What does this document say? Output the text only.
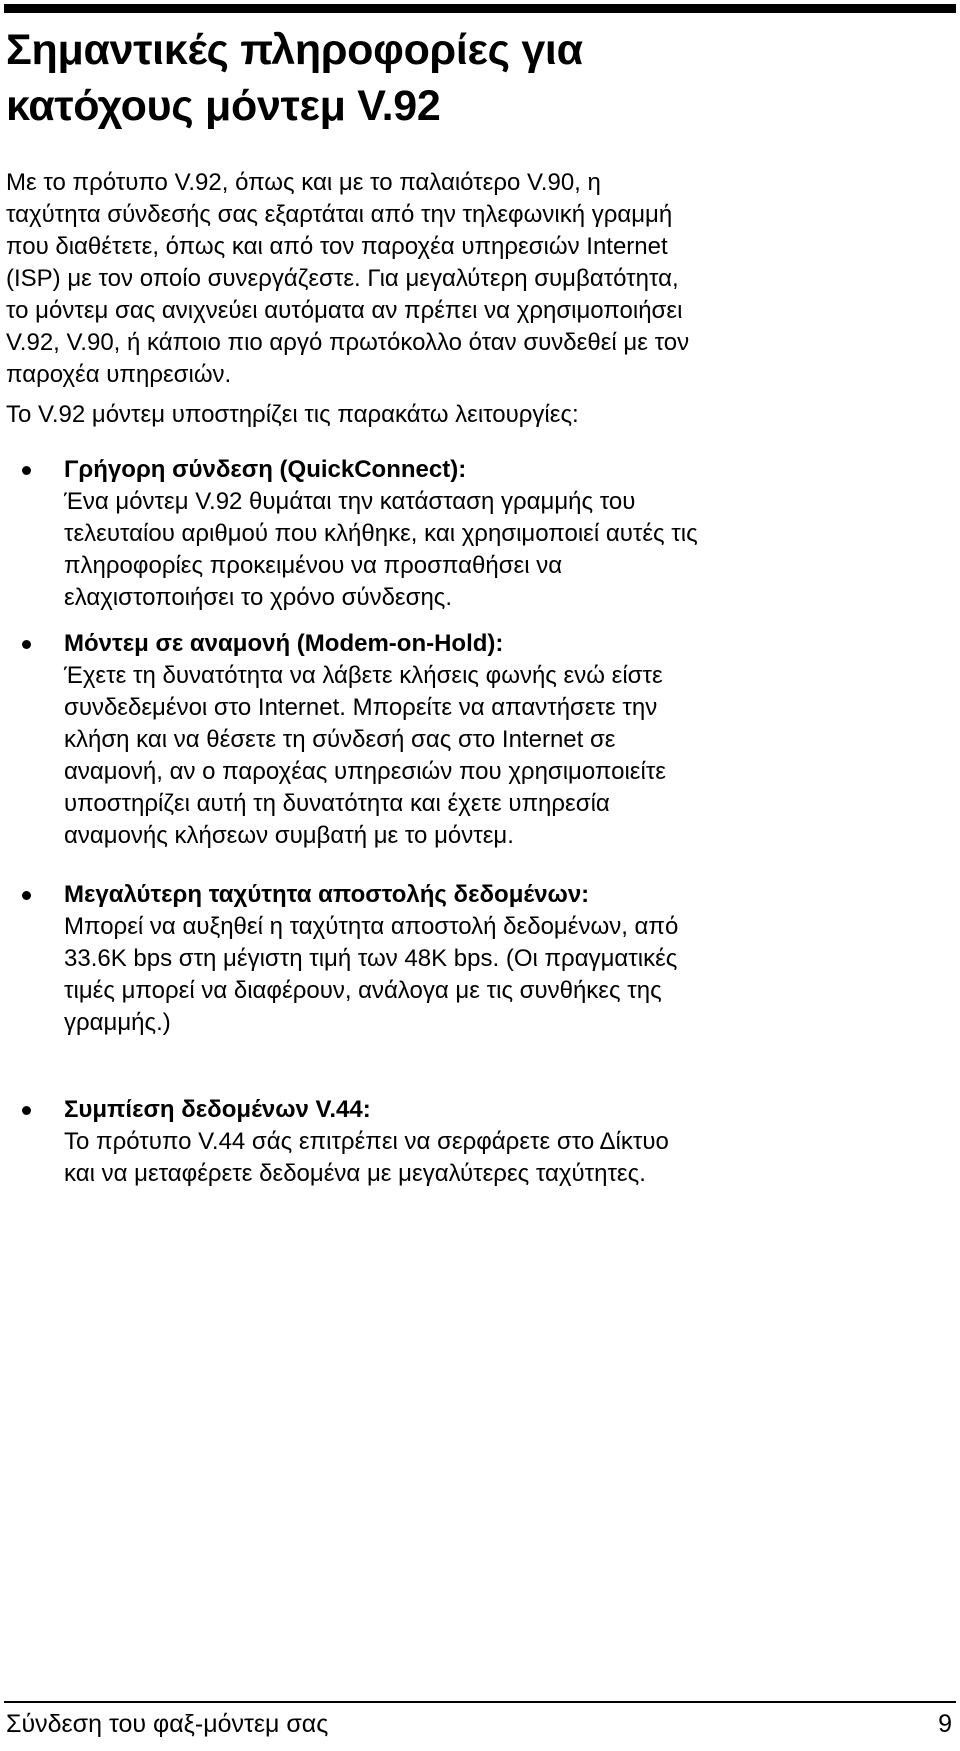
Σημαντικές πληροφορίες για
κατόχους μόντεμ V.92
Με το πρότυπο V.92, όπως και με το παλαιότερο V.90, η
ταχύτητα σύνδεσής σας εξαρτάται από την τηλεφωνική γραμμή
που διαθέτετε, όπως και από τον παροχέα υπηρεσιών Internet
(ISP) με τον οποίο συνεργάζεστε. Για μεγαλύτερη συμβατότητα,
το μόντεμ σας ανιχνεύει αυτόματα αν πρέπει να χρησιμοποιήσει
V.92, V.90, ή κάποιο πιο αργό πρωτόκολλο όταν συνδεθεί με τον
παροχέα υπηρεσιών.
Το V.92 μόντεμ υποστηρίζει τις παρακάτω λειτουργίες:
Γρήγορη σύνδεση (QuickConnect):
Ένα μόντεμ V.92 θυμάται την κατάσταση γραμμής του
τελευταίου αριθμού που κλήθηκε, και χρησιμοποιεί αυτές τις
πληροφορίες προκειμένου να προσπαθήσει να
ελαχιστοποιήσει το χρόνο σύνδεσης.
Μόντεμ σε αναμονή (Modem-on-Hold):
Έχετε τη δυνατότητα να λάβετε κλήσεις φωνής ενώ είστε
συνδεδεμένοι στο Internet. Μπορείτε να απαντήσετε την
κλήση και να θέσετε τη σύνδεσή σας στο Internet σε
αναμονή, αν ο παροχέας υπηρεσιών που χρησιμοποιείτε
υποστηρίζει αυτή τη δυνατότητα και έχετε υπηρεσία
αναμονής κλήσεων συμβατή με το μόντεμ.
Μεγαλύτερη ταχύτητα αποστολής δεδομένων:
Μπορεί να αυξηθεί η ταχύτητα αποστολή δεδομένων, από
33.6K bps στη μέγιστη τιμή των 48K bps. (Οι πραγματικές
τιμές μπορεί να διαφέρουν, ανάλογα με τις συνθήκες της
γραμμής.)
Συμπίεση δεδομένων V.44:
Το πρότυπο V.44 σάς επιτρέπει να σερφάρετε στο Δίκτυο
και να μεταφέρετε δεδομένα με μεγαλύτερες ταχύτητες.
Σύνδεση του φαξ-μόντεμ σας	9
